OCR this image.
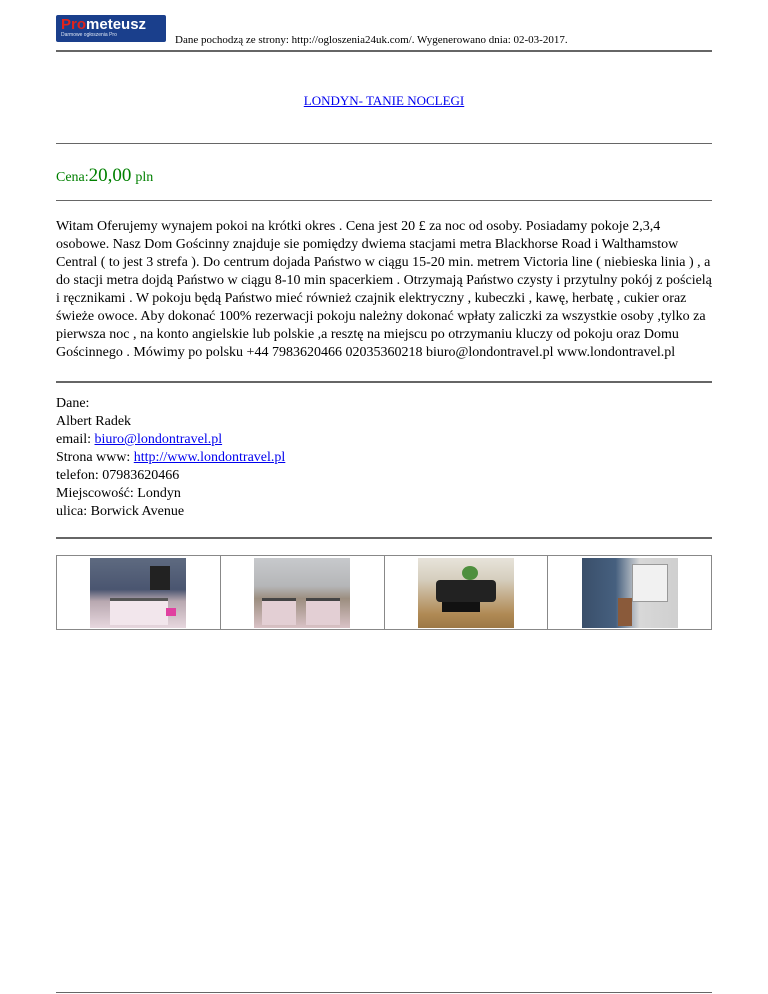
Prometeusz
Darmowe ogłoszenia Pro	Dane pochodzą ze strony: http://ogloszenia24uk.com/. Wygenerowano dnia: 02-03-2017.
LONDYN- TANIE NOCLEGI
Cena:20,00 pln
Witam Oferujemy wynajem pokoi na krótki okres . Cena jest 20 £ za noc od osoby. Posiadamy pokoje 2,3,4 osobowe. Nasz Dom Gościnny znajduje sie pomiędzy dwiema stacjami metra Blackhorse Road i Walthamstow Central ( to jest 3 strefa ). Do centrum dojada Państwo w ciągu 15-20 min. metrem Victoria line ( niebieska linia ) , a do stacji metra dojdą Państwo w ciągu 8-10 min spacerkiem . Otrzymają Państwo czysty i przytulny pokój z pościelą i ręcznikami . W pokoju będą Państwo mieć również czajnik elektryczny , kubeczki , kawę, herbatę , cukier oraz świeże owoce. Aby dokonać 100% rezerwacji pokoju należny dokonać wpłaty zaliczki za wszystkie osoby ,tylko za pierwsza noc , na konto angielskie lub polskie ,a resztę na miejscu po otrzymaniu kluczy od pokoju oraz Domu Gościnnego . Mówimy po polsku +44 7983620466 02035360218 biuro@londontravel.pl www.londontravel.pl
Dane:
Albert Radek
email: biuro@londontravel.pl
Strona www: http://www.londontravel.pl
telefon: 07983620466
Miejscowość: Londyn
ulica: Borwick Avenue
